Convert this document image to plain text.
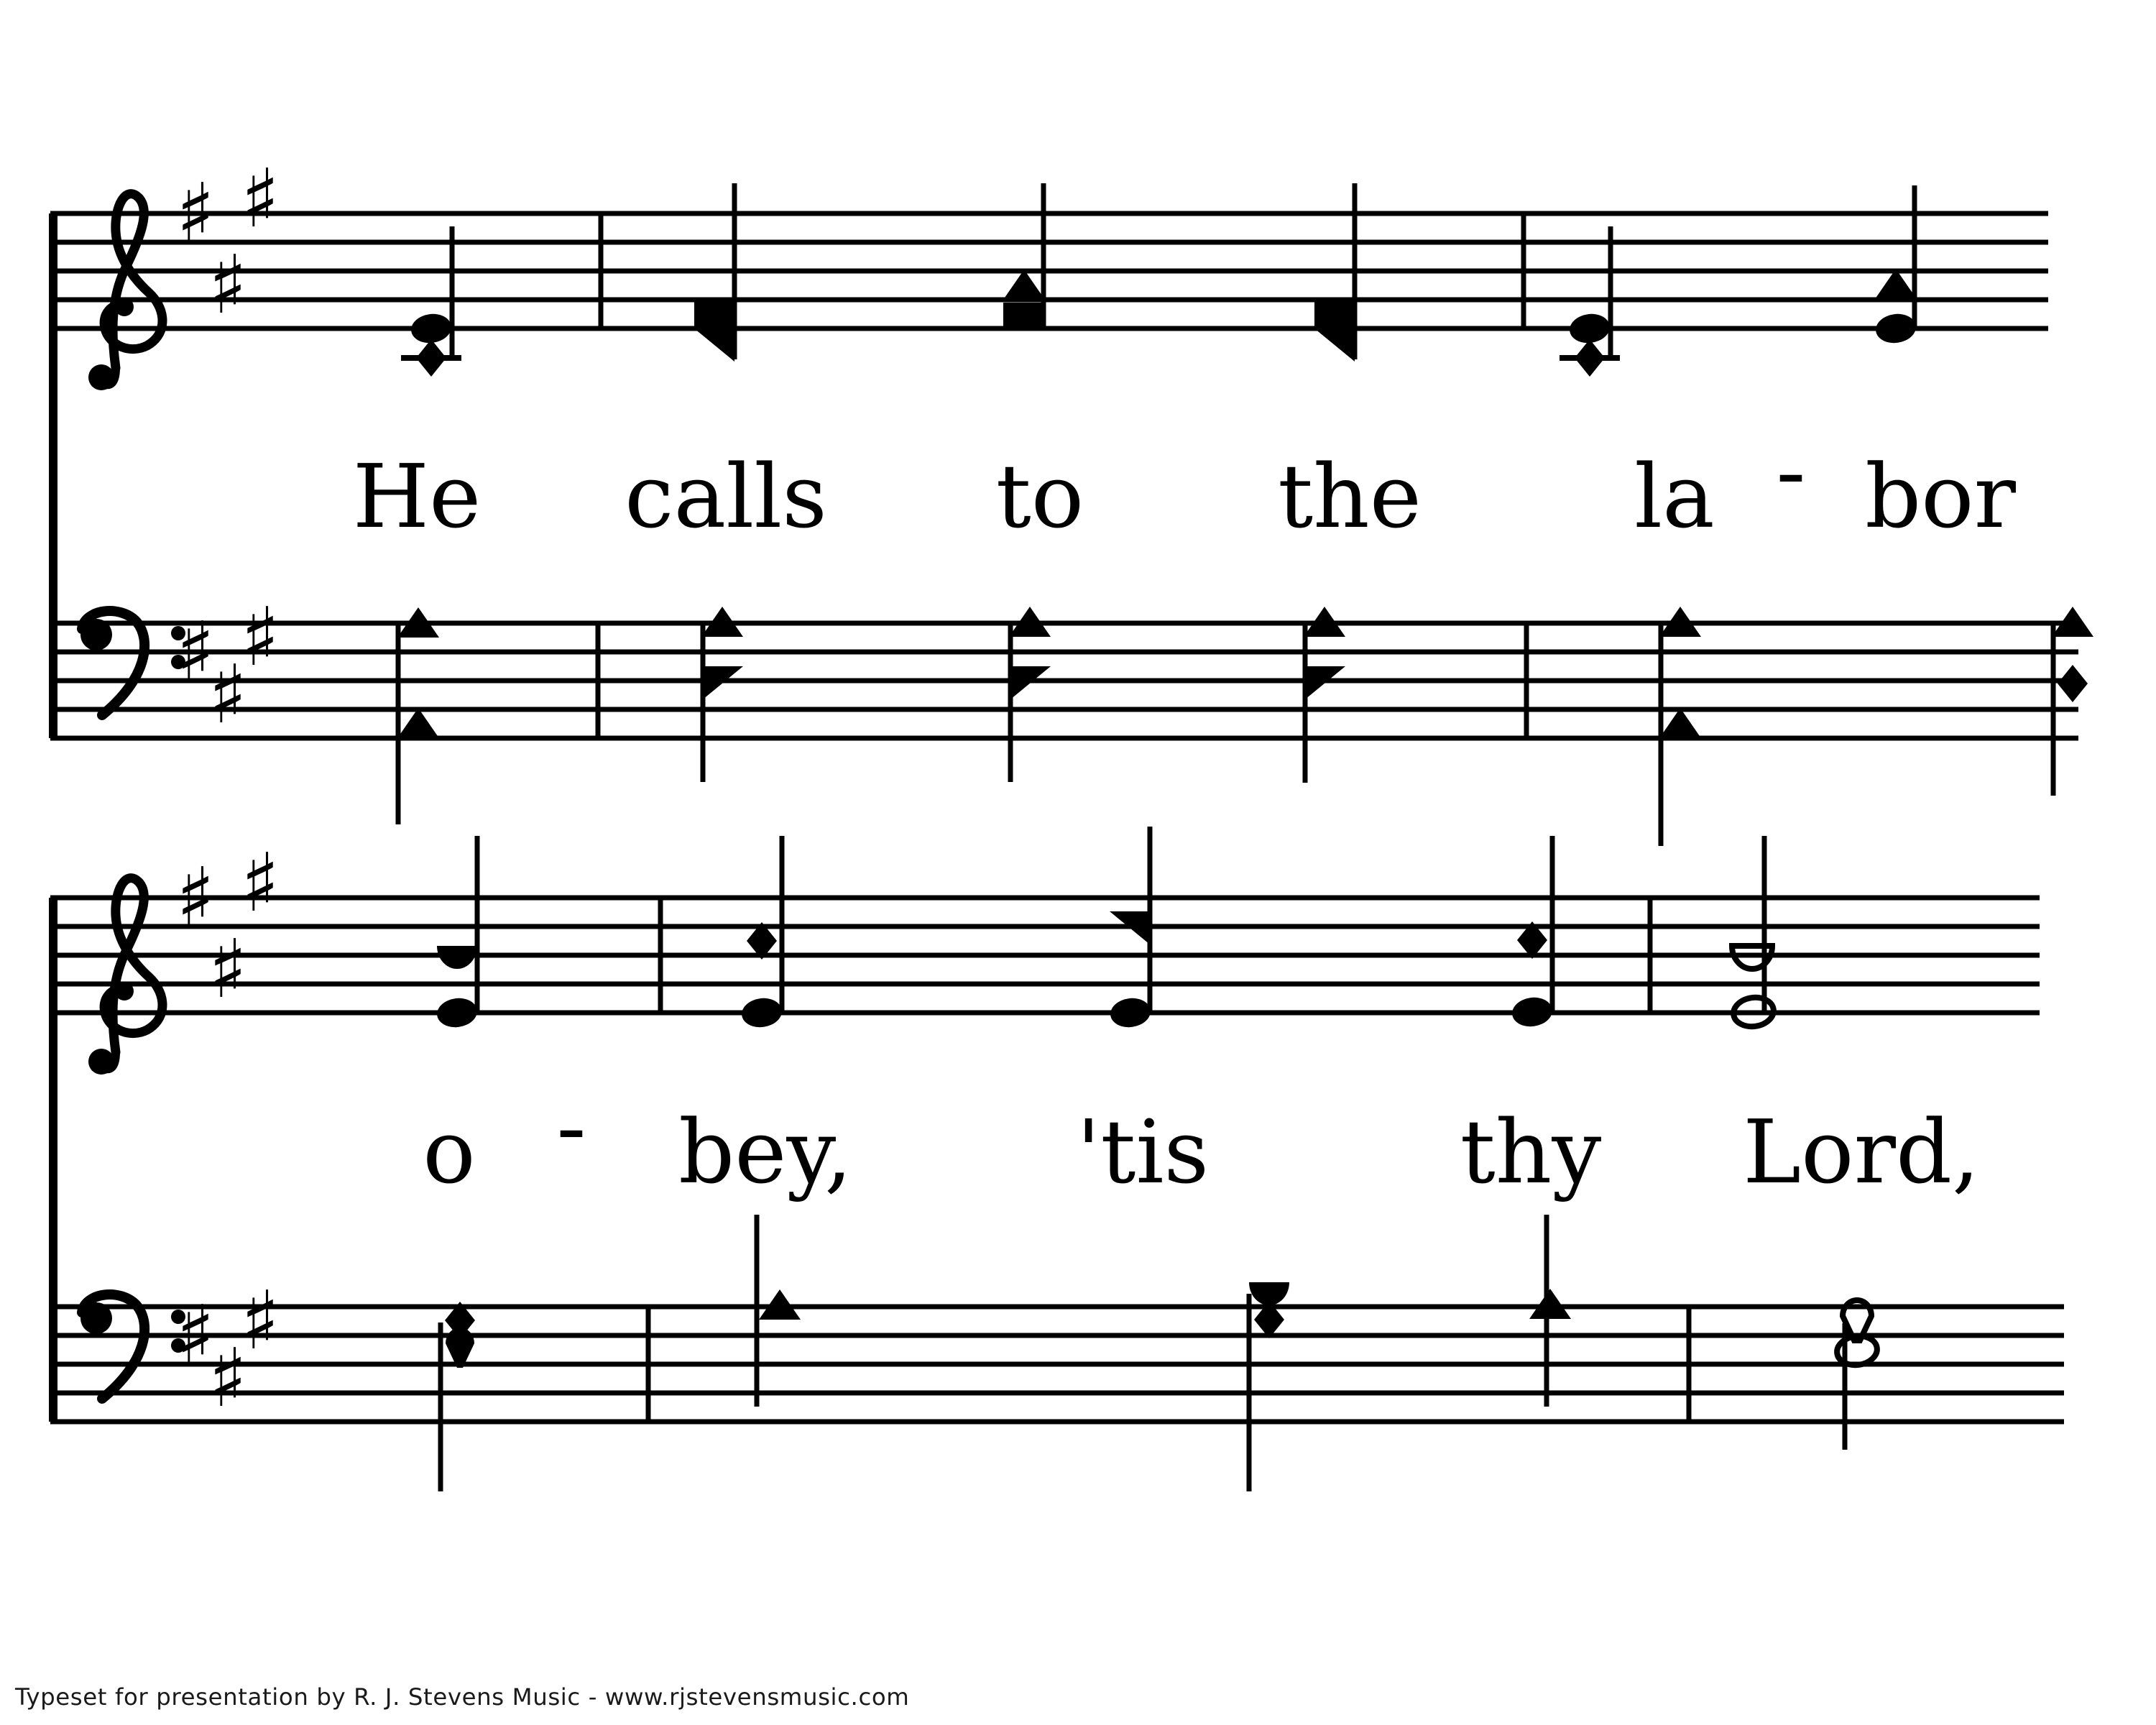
♯
♯
♯
♯
♯
♯
♯
♯
♯
♯
♯
♯
He calls to the la - bor
o - bey,	'tis	thy Lord,
Typeset for presentation by R. J. Stevens Music - www.rjstevensmusic.com
